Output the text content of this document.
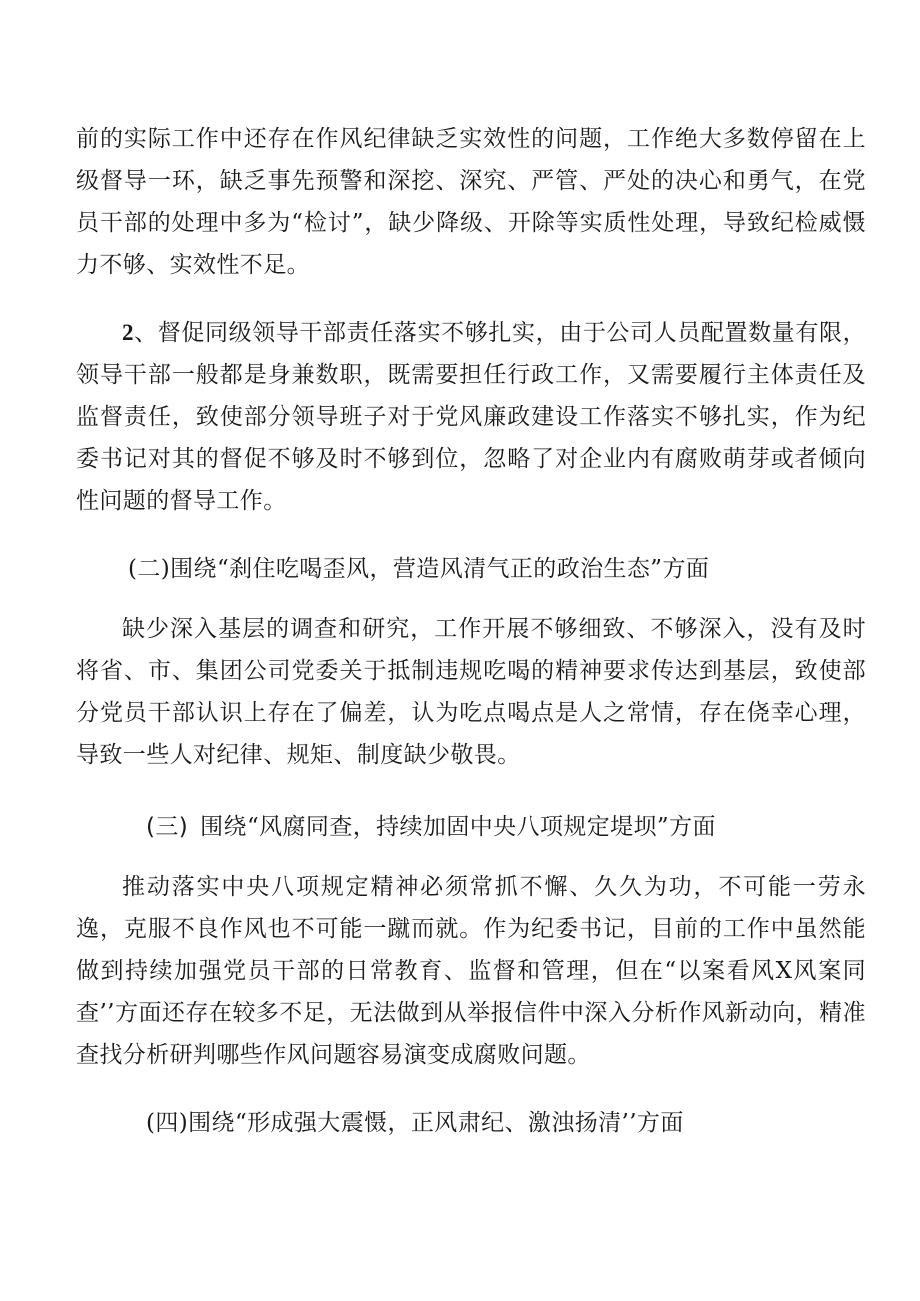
前的实际工作中还存在作风纪律缺乏实效性的问题，工作绝大多数停留在上级督导一环，缺乏事先预警和深挖、深究、严管、严处的决心和勇气，在党员干部的处理中多为“检讨”，缺少降级、开除等实质性处理，导致纪检威慑力不够、实效性不足。

2、督促同级领导干部责任落实不够扎实，由于公司人员配置数量有限，领导干部一般都是身兼数职，既需要担任行政工作，又需要履行主体责任及监督责任，致使部分领导班子对于党风廉政建设工作落实不够扎实，作为纪委书记对其的督促不够及时不够到位，忽略了对企业内有腐败萌芽或者倾向性问题的督导工作。

(二)围绕“刹住吃喝歪风，营造风清气正的政治生态”方面

缺少深入基层的调查和研究，工作开展不够细致、不够深入，没有及时将省、市、集团公司党委关于抵制违规吃喝的精神要求传达到基层，致使部分党员干部认识上存在了偏差，认为吃点喝点是人之常情，存在侥幸心理，导致一些人对纪律、规矩、制度缺少敬畏。

(三) 围绕“风腐同查，持续加固中央八项规定堤坝”方面

推动落实中央八项规定精神必须常抓不懈、久久为功，不可能一劳永逸，克服不良作风也不可能一蹴而就。作为纪委书记，目前的工作中虽然能做到持续加强党员干部的日常教育、监督和管理，但在“以案看风X风案同查’’方面还存在较多不足，无法做到从举报信件中深入分析作风新动向，精准查找分析研判哪些作风问题容易演变成腐败问题。

(四)围绕“形成强大震慑，正风肃纪、激浊扬清’’方面
